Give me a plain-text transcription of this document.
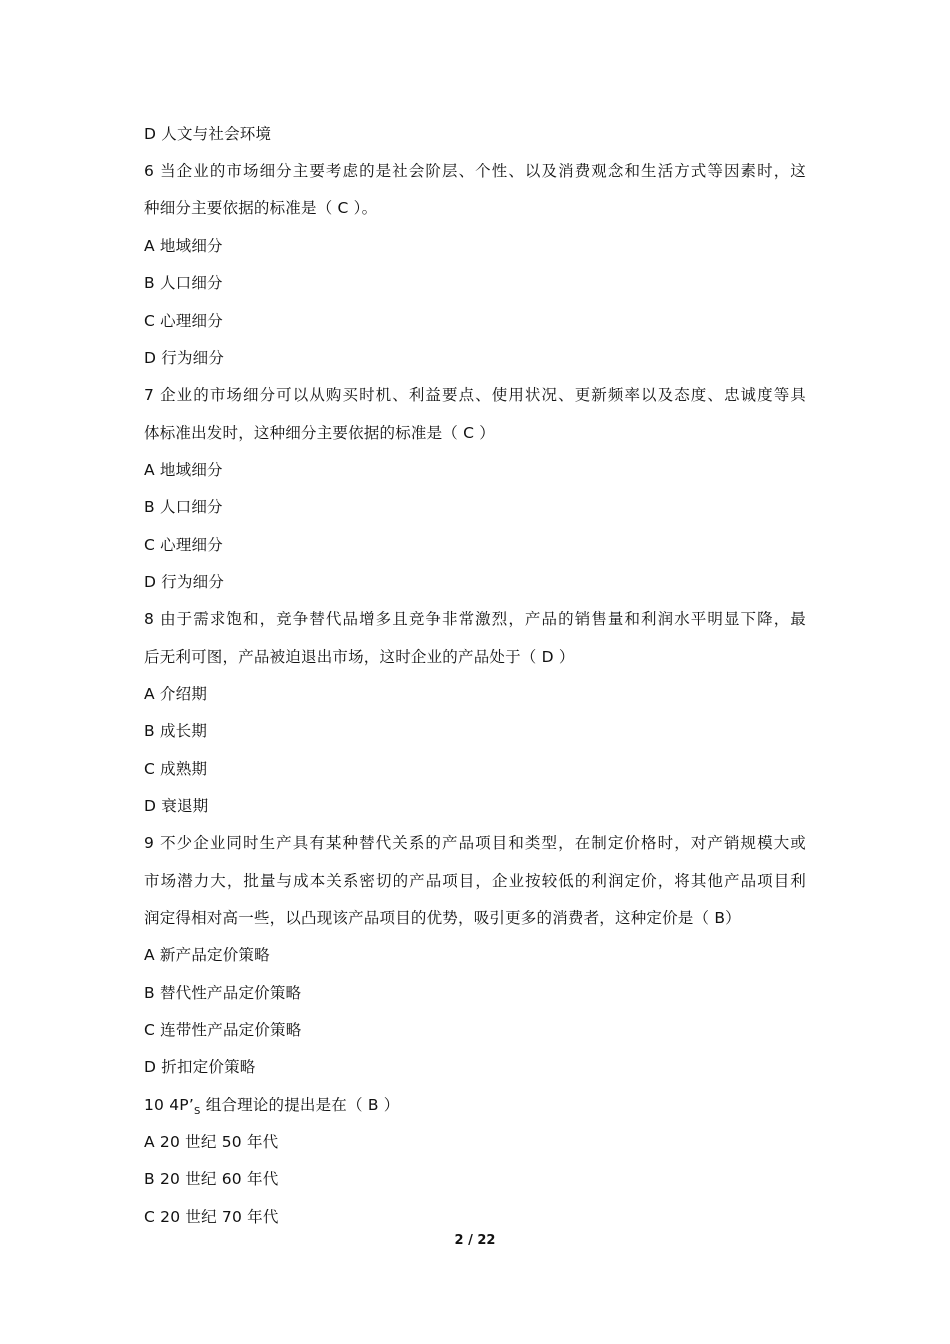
D 人文与社会环境
6 当企业的市场细分主要考虑的是社会阶层、个性、以及消费观念和生活方式等因素时，这
种细分主要依据的标准是（ C ）。
A 地域细分
B 人口细分
C 心理细分
D 行为细分
7 企业的市场细分可以从购买时机、利益要点、使用状况、更新频率以及态度、忠诚度等具
体标准出发时，这种细分主要依据的标准是（ C ）
A 地域细分
B 人口细分
C 心理细分
D 行为细分
8 由于需求饱和，竞争替代品增多且竞争非常激烈，产品的销售量和利润水平明显下降，最
后无利可图，产品被迫退出市场，这时企业的产品处于（ D ）
A 介绍期
B 成长期
C 成熟期
D 衰退期
9 不少企业同时生产具有某种替代关系的产品项目和类型，在制定价格时，对产销规模大或
市场潜力大，批量与成本关系密切的产品项目，企业按较低的利润定价，将其他产品项目利
润定得相对高一些，以凸现该产品项目的优势，吸引更多的消费者，这种定价是（ B）
A 新产品定价策略
B 替代性产品定价策略
C 连带性产品定价策略
D 折扣定价策略
10 $4P’_S$ 组合理论的提出是在（ B ）
A 20 世纪 50 年代
B 20 世纪 60 年代
C 20 世纪 70 年代
2 / 22
